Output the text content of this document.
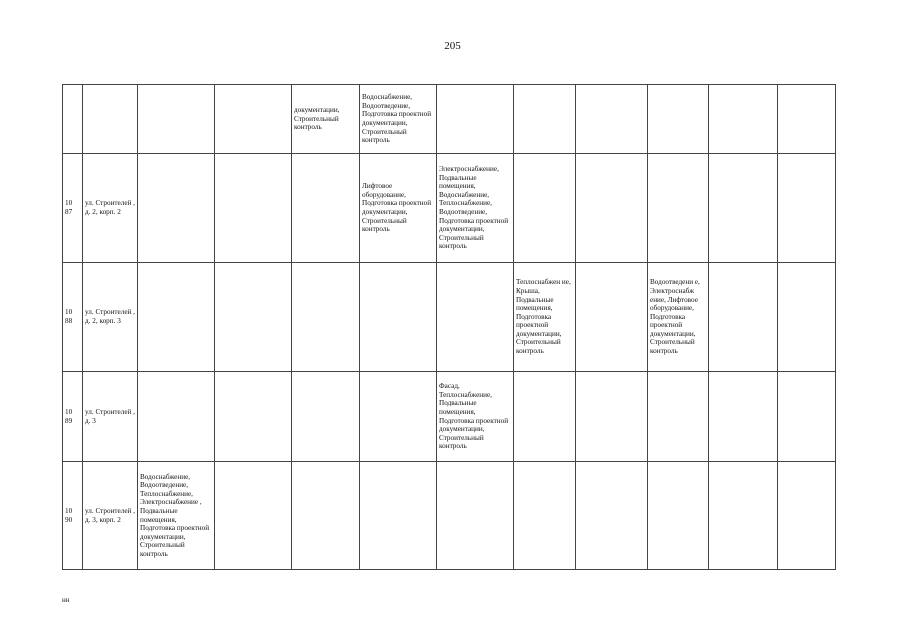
205
				документации, Строительный контроль	Водоснабжение, Водоотведение, Подготовка проектной документации, Строительный контроль						
10 87	ул. Строителей , д. 2, корп. 2				Лифтовое оборудование, Подготовка проектной документации, Строительный контроль	Электроснабжение, Подвальные помещения, Водоснабжение, Теплоснабжение, Водоотведение, Подготовка проектной документации, Строительный контроль					
10 88	ул. Строителей , д. 2, корп. 3						Теплоснабжен ие, Крыша, Подвальные помещения, Подготовка проектной документации, Строительный контроль		Водоотведени е, Электроснабж ение, Лифтовое оборудование, Подготовка проектной документации, Строительный контроль		
10 89	ул. Строителей , д. 3					Фасад, Теплоснабжение, Подвальные помещения, Подготовка проектной документации, Строительный контроль					
10 90	ул. Строителей , д. 3, корп. 2	Водоснабжение, Водоотведение, Теплоснабжение, Электроснабжение , Подвальные помещения, Подготовка проектной документации, Строительный контроль									
нн
